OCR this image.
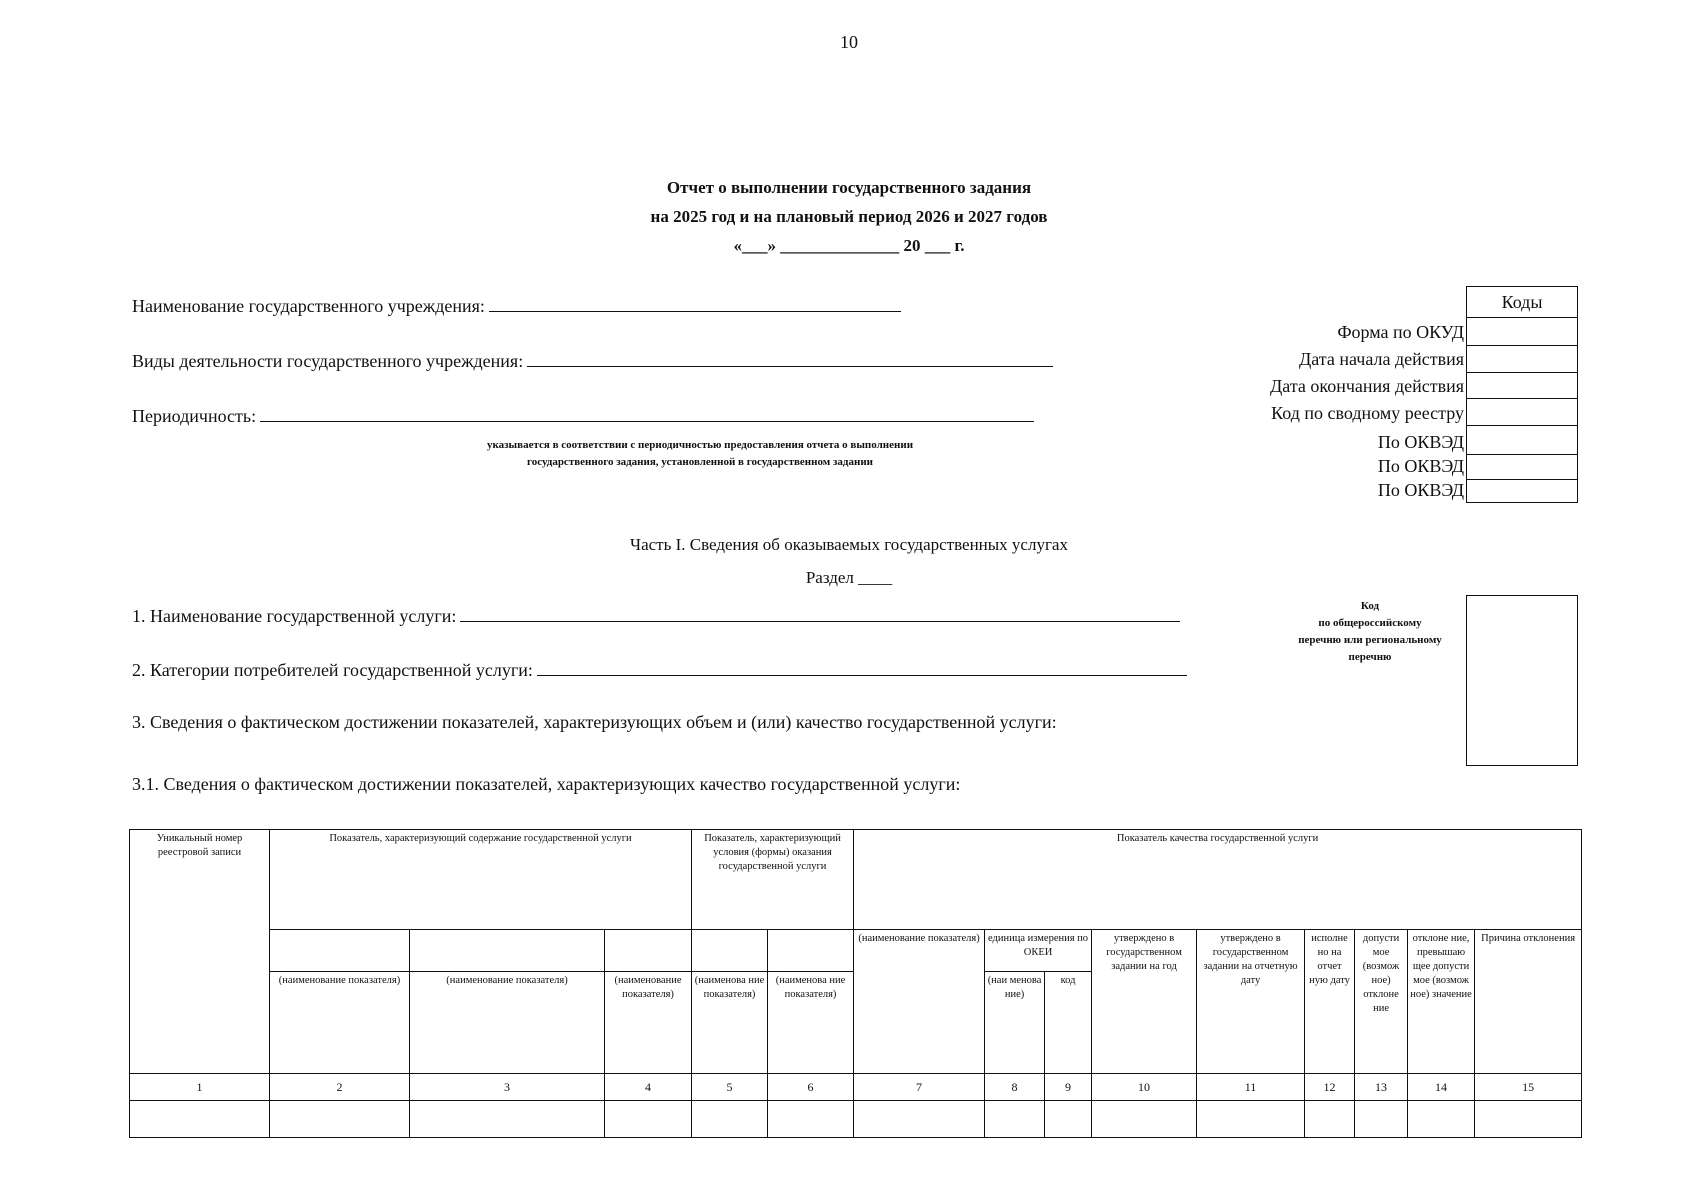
10
Отчет о выполнении государственного задания
на 2025 год и на плановый период 2026 и 2027 годов
«___» ______________ 20 ___ г.
Наименование государственного учреждения:
Виды деятельности государственного учреждения:
Периодичность:
указывается в соответствии с периодичностью предоставления отчета о выполнении
государственного задания, установленной в государственном задании
Коды
Форма по ОКУД
Дата начала действия
Дата окончания действия
Код по сводному реестру
По ОКВЭД
По ОКВЭД
По ОКВЭД
Часть I. Сведения об оказываемых государственных услугах
Раздел ____
1. Наименование государственной услуги:
2. Категории потребителей государственной услуги:
3. Сведения о фактическом достижении показателей, характеризующих объем и (или) качество государственной услуги:
3.1. Сведения о фактическом достижении показателей, характеризующих качество государственной услуги:
Код
по общероссийскому
перечню или региональному
перечню
Уникальный номер реестровой записи	Показатель, характеризующий содержание государственной услуги			Показатель, характеризующий условия (формы) оказания государственной услуги		Показатель качества государственной услуги								
						(наименование показателя)	единица измерения по ОКЕИ		утверждено в государственном задании на год	утверждено в государственном задании на отчетную дату	исполне но на отчет ную дату	допусти мое (возмож ное) отклоне ние	отклоне ние, превышаю щее допусти мое (возмож ное) значение	Причина отклонения
	(наименование показателя)	(наименование показателя)	(наименование показателя)	(наименова ние показателя)	(наименова ние показателя)		(наи менова ние)	код						
1	2	3	4	5	6	7	8	9	10	11	12	13	14	15
